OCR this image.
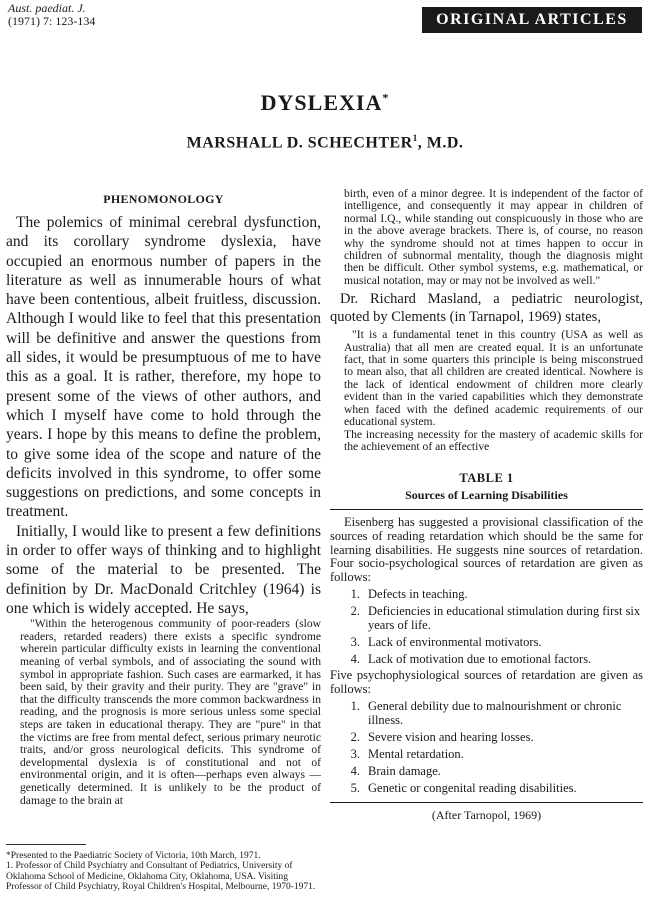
Aust. paediat. J.
(1971) 7: 123-134	ORIGINAL ARTICLES
DYSLEXIA*
MARSHALL D. SCHECHTER$^1$, M.D.
PHENOMONOLOGY

The polemics of minimal cerebral dysfunction, and its corollary syndrome dyslexia, have occupied an enormous number of papers in the literature as well as innumerable hours of what have been contentious, albeit fruitless, discussion. Although I would like to feel that this presentation will be definitive and answer the questions from all sides, it would be presumptuous of me to have this as a goal. It is rather, therefore, my hope to present some of the views of other authors, and which I myself have come to hold through the years. I hope by this means to define the problem, to give some idea of the scope and nature of the deficits involved in this syndrome, to offer some suggestions on predictions, and some concepts in treatment.

Initially, I would like to present a few definitions in order to offer ways of thinking and to highlight some of the material to be presented. The definition by Dr. MacDonald Critchley (1964) is one which is widely accepted. He says,

"Within the heterogenous community of poor-readers (slow readers, retarded readers) there exists a specific syndrome wherein particular difficulty exists in learning the conventional meaning of verbal symbols, and of associating the sound with symbol in appropriate fashion. Such cases are earmarked, it has been said, by their gravity and their purity. They are "grave" in that the difficulty transcends the more common backwardness in reading, and the prognosis is more serious unless some special steps are taken in educational therapy. They are "pure" in that the victims are free from mental defect, serious primary neurotic traits, and/or gross neurological deficits. This syndrome of developmental dyslexia is of constitutional and not of environmental origin, and it is often—perhaps even always — genetically determined. It is unlikely to be the product of damage to the brain at

*Presented to the Paediatric Society of Victoria, 10th March, 1971.

1. Professor of Child Psychiatry and Consultant of Pediatrics, University of Oklahoma School of Medicine, Oklahoma City, Oklahoma, USA. Visiting Professor of Child Psychiatry, Royal Children's Hospital, Melbourne, 1970-1971.

birth, even of a minor degree. It is independent of the factor of intelligence, and consequently it may appear in children of normal I.Q., while standing out conspicuously in those who are in the above average brackets. There is, of course, no reason why the syndrome should not at times happen to occur in children of subnormal mentality, though the diagnosis might then be difficult. Other symbol systems, e.g. mathematical, or musical notation, may or may not be involved as well."

Dr. Richard Masland, a pediatric neurologist, quoted by Clements (in Tarnapol, 1969) states,

"It is a fundamental tenet in this country (USA as well as Australia) that all men are created equal. It is an unfortunate fact, that in some quarters this principle is being misconstrued to mean also, that all children are created identical. Nowhere is the lack of identical endowment of children more clearly evident than in the varied capabilities which they demonstrate when faced with the defined academic requirements of our educational system.

The increasing necessity for the mastery of academic skills for the achievement of an effective

TABLE 1
Sources of Learning Disabilities

Eisenberg has suggested a provisional classification of the sources of reading retardation which should be the same for learning disabilities. He suggests nine sources of retardation. Four socio-psychological sources of retardation are given as follows:

1. Defects in teaching.
2. Deficiencies in educational stimulation during first six years of life.
3. Lack of environmental motivators.
4. Lack of motivation due to emotional factors.

Five psychophysiological sources of retardation are given as follows:

1. General debility due to malnourishment or chronic illness.
2. Severe vision and hearing losses.
3. Mental retardation.
4. Brain damage.
5. Genetic or congenital reading disabilities.
(After Tarnopol, 1969)
